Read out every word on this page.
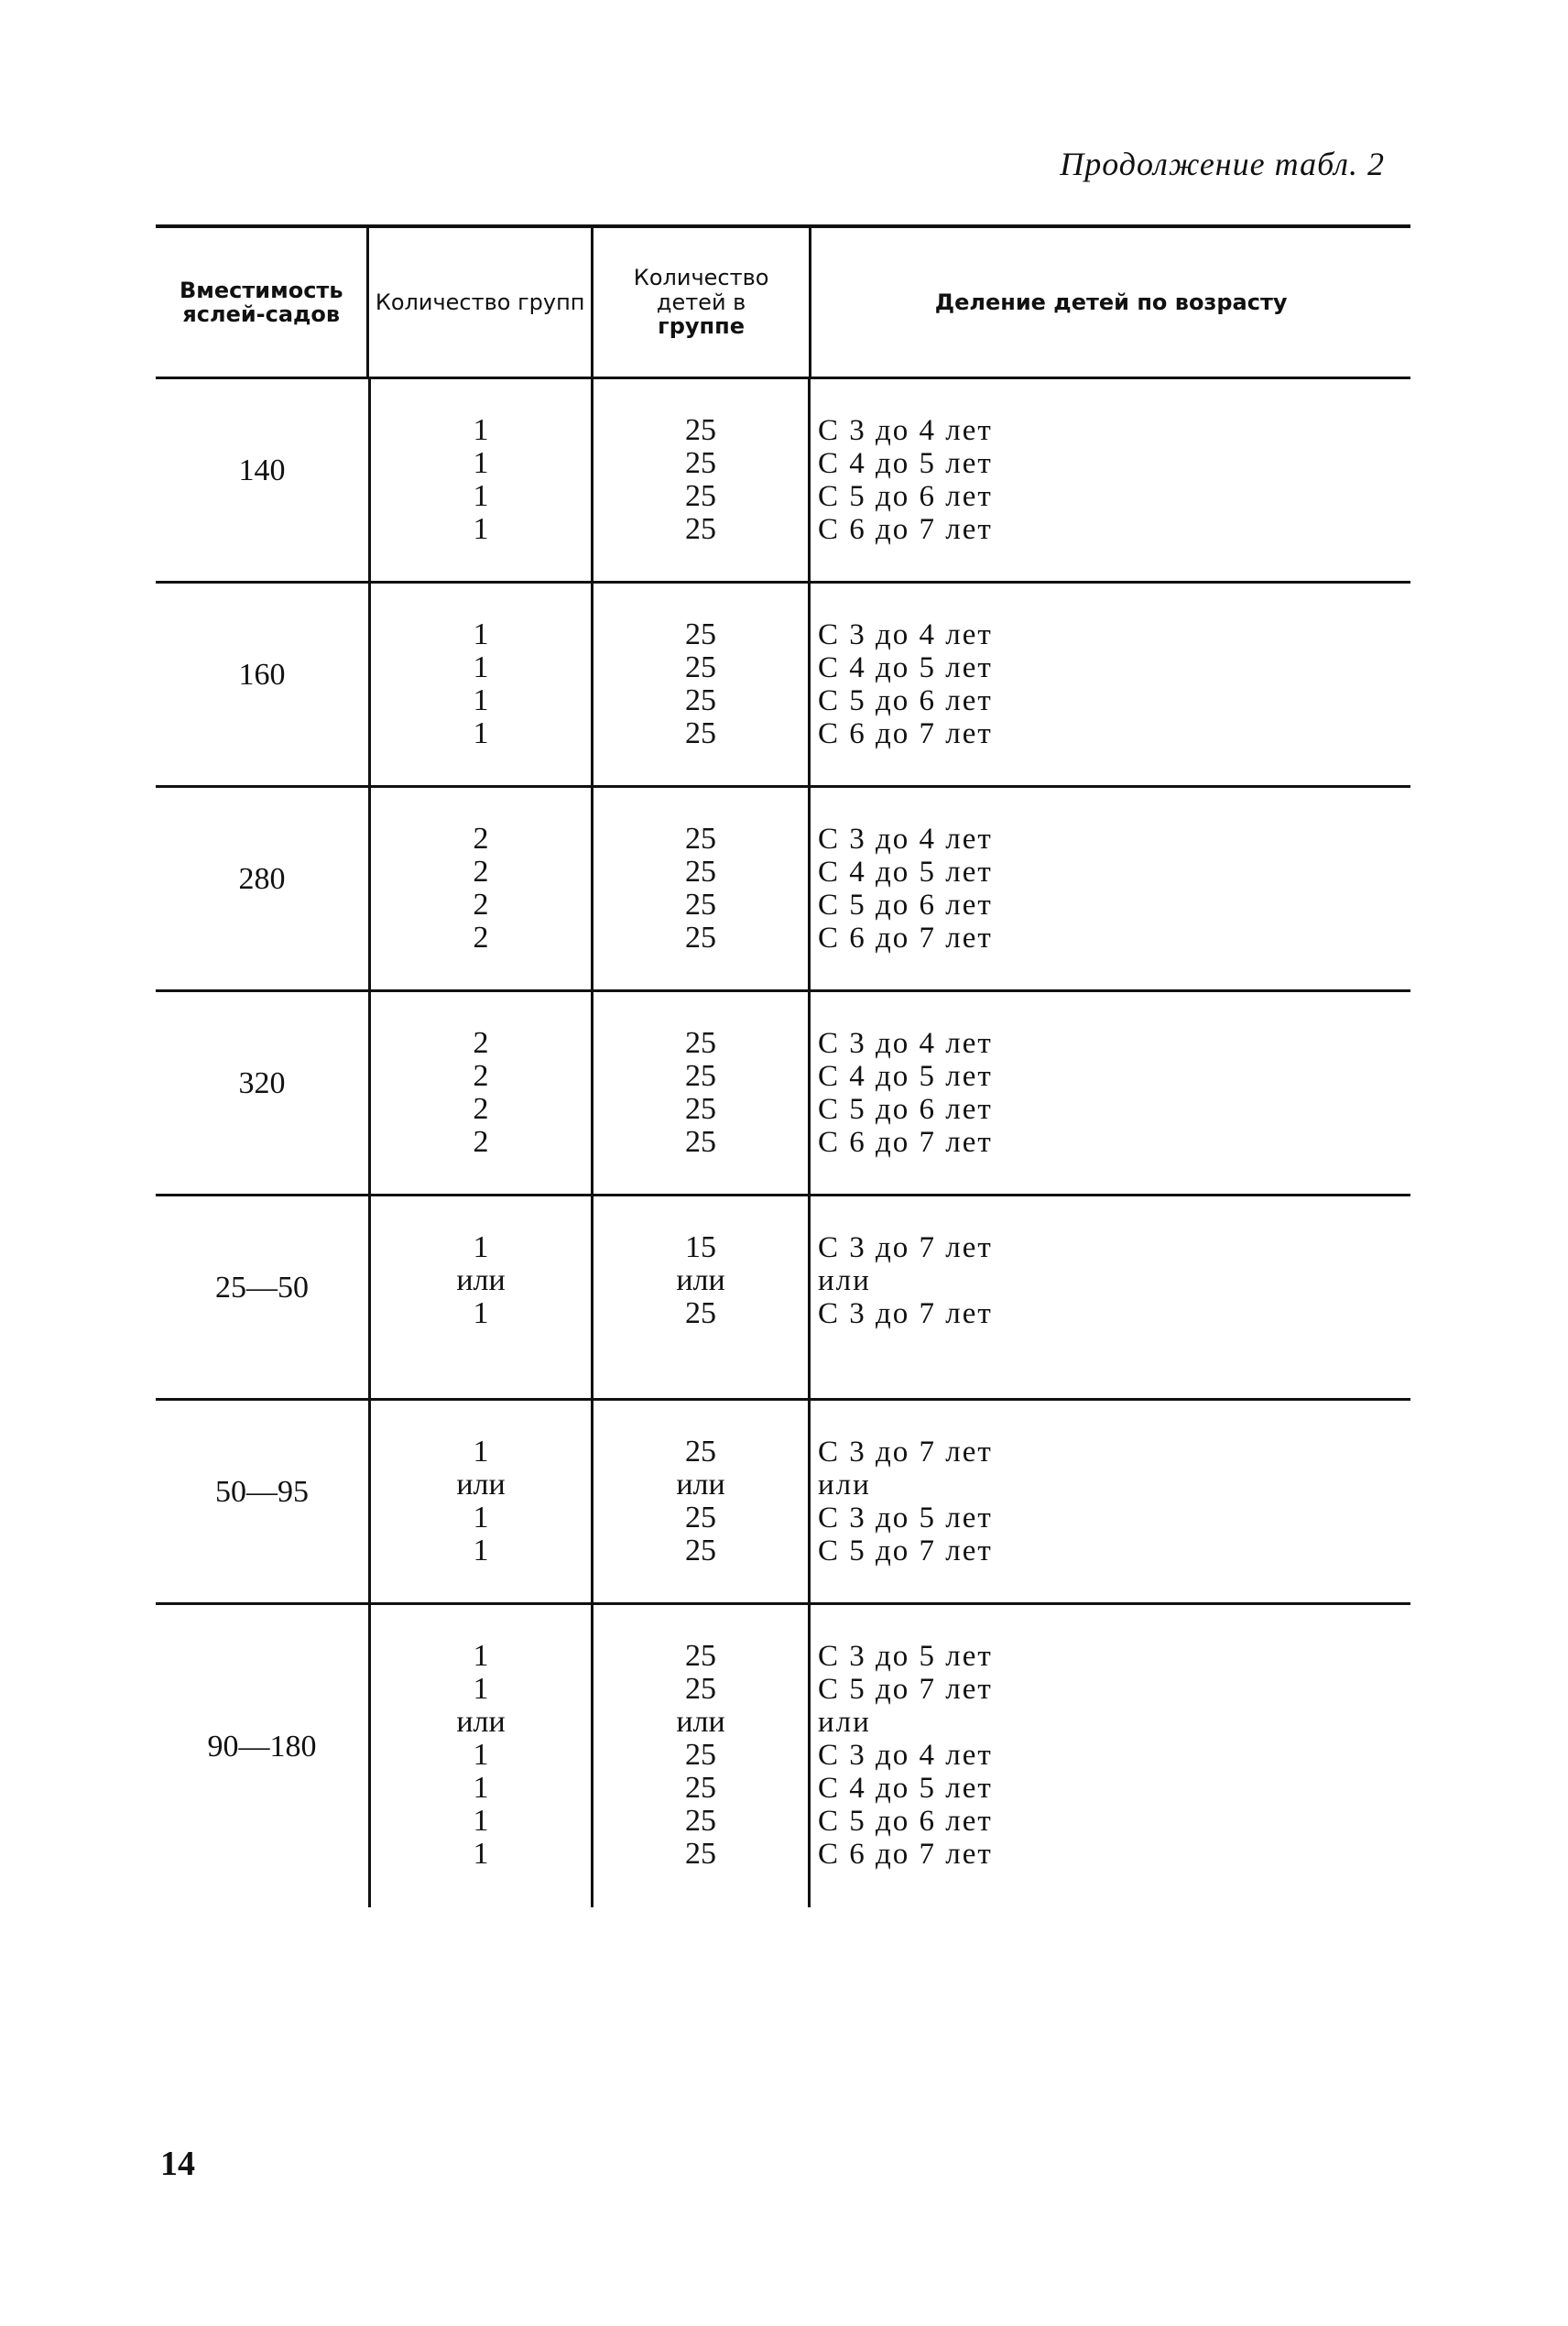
Продолжение табл. 2
Вместимость яслей-садов	Количество групп
Количество
детей в
группе
Деление детей по возрасту
140
1
1
1
1
25
25
25
25
С 3 до 4 лет
С 4 до 5 лет
С 5 до 6 лет
С 6 до 7 лет
160
1
1
1
1
25
25
25
25
С 3 до 4 лет
С 4 до 5 лет
С 5 до 6 лет
С 6 до 7 лет
280
2
2
2
2
25
25
25
25
С 3 до 4 лет
С 4 до 5 лет
С 5 до 6 лет
С 6 до 7 лет
320
2
2
2
2
25
25
25
25
С 3 до 4 лет
С 4 до 5 лет
С 5 до 6 лет
С 6 до 7 лет
25—50
1
или
1
15
или
25
С 3 до 7 лет
или
С 3 до 7 лет
50—95
1
или
1
1
25
или
25
25
С 3 до 7 лет
или
С 3 до 5 лет
С 5 до 7 лет
90—180
1
1
или
1
1
1
1
25
25
или
25
25
25
25
С 3 до 5 лет
С 5 до 7 лет
или
С 3 до 4 лет
С 4 до 5 лет
С 5 до 6 лет
С 6 до 7 лет
14
